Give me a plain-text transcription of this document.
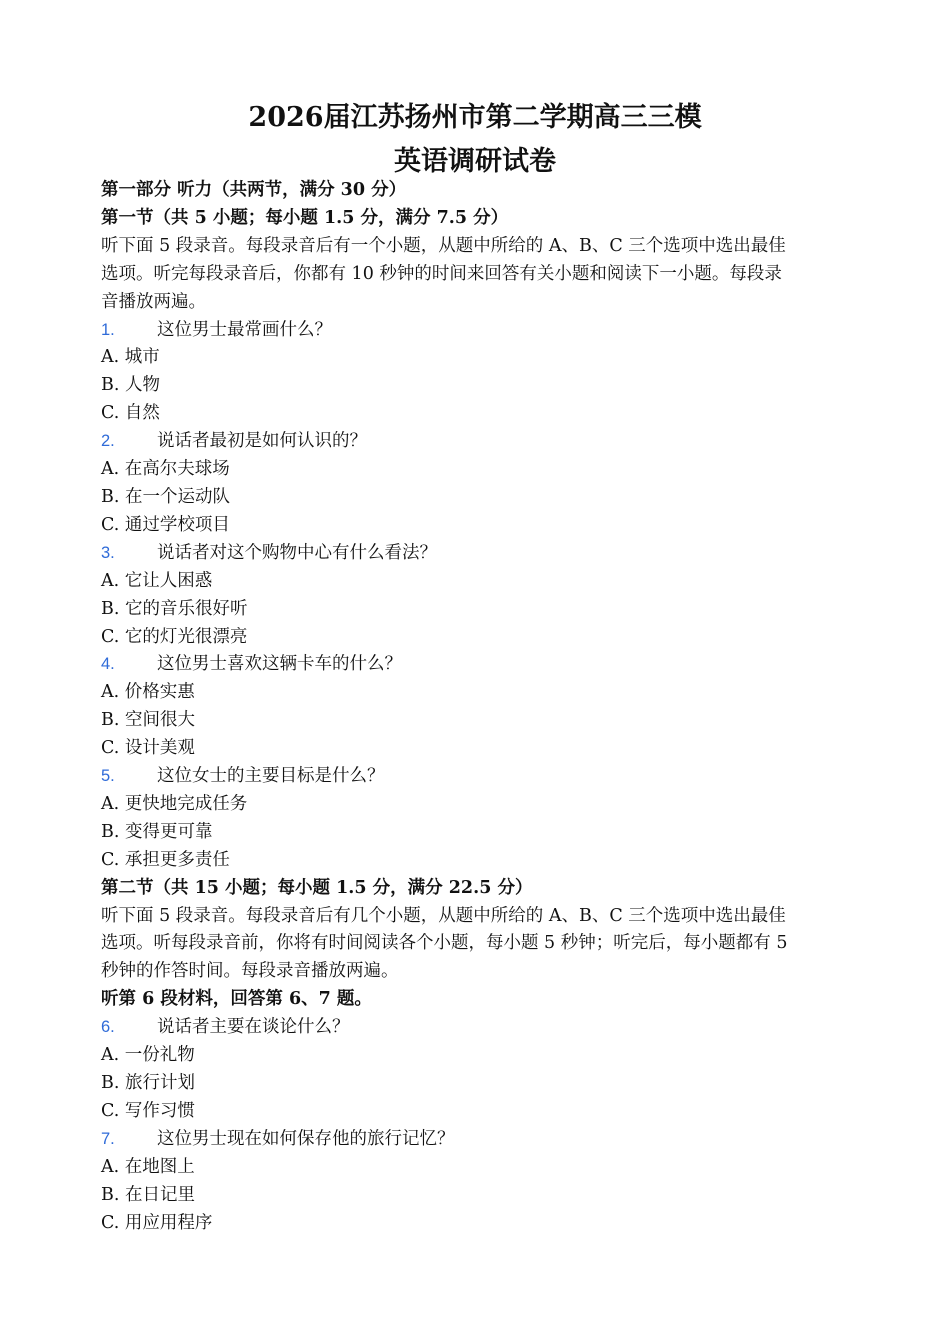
2026届江苏扬州市第二学期高三三模
英语调研试卷

第一部分 听力（共两节，满分 30 分）

第一节（共 5 小题；每小题 1.5 分，满分 7.5 分）

听下面 5 段录音。每段录音后有一个小题，从题中所给的 A、B、C 三个选项中选出最佳

选项。听完每段录音后，你都有 10 秒钟的时间来回答有关小题和阅读下一小题。每段录

音播放两遍。

1. 这位男士最常画什么？

A. 城市

B. 人物

C. 自然

2. 说话者最初是如何认识的？

A. 在高尔夫球场

B. 在一个运动队

C. 通过学校项目

3. 说话者对这个购物中心有什么看法？

A. 它让人困惑

B. 它的音乐很好听

C. 它的灯光很漂亮

4. 这位男士喜欢这辆卡车的什么？

A. 价格实惠

B. 空间很大

C. 设计美观

5. 这位女士的主要目标是什么？

A. 更快地完成任务

B. 变得更可靠

C. 承担更多责任

第二节（共 15 小题；每小题 1.5 分，满分 22.5 分）

听下面 5 段录音。每段录音后有几个小题，从题中所给的 A、B、C 三个选项中选出最佳

选项。听每段录音前，你将有时间阅读各个小题，每小题 5 秒钟；听完后，每小题都有 5

秒钟的作答时间。每段录音播放两遍。

听第 6 段材料，回答第 6、7 题。

6. 说话者主要在谈论什么？

A. 一份礼物

B. 旅行计划

C. 写作习惯

7. 这位男士现在如何保存他的旅行记忆？

A. 在地图上

B. 在日记里

C. 用应用程序
